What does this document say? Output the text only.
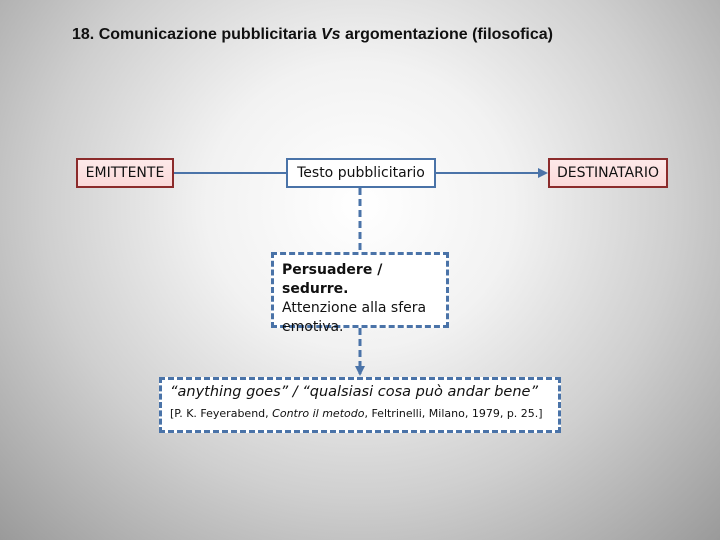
18. Comunicazione pubblicitaria Vs argomentazione (filosofica)
EMITTENTE	Testo pubblicitario	DESTINATARIO
Persuadere / sedurre.
Attenzione alla sfera
emotiva.
“anything goes” / “qualsiasi cosa può andar bene”
[P. K. Feyerabend, Contro il metodo, Feltrinelli, Milano, 1979, p. 25.]
